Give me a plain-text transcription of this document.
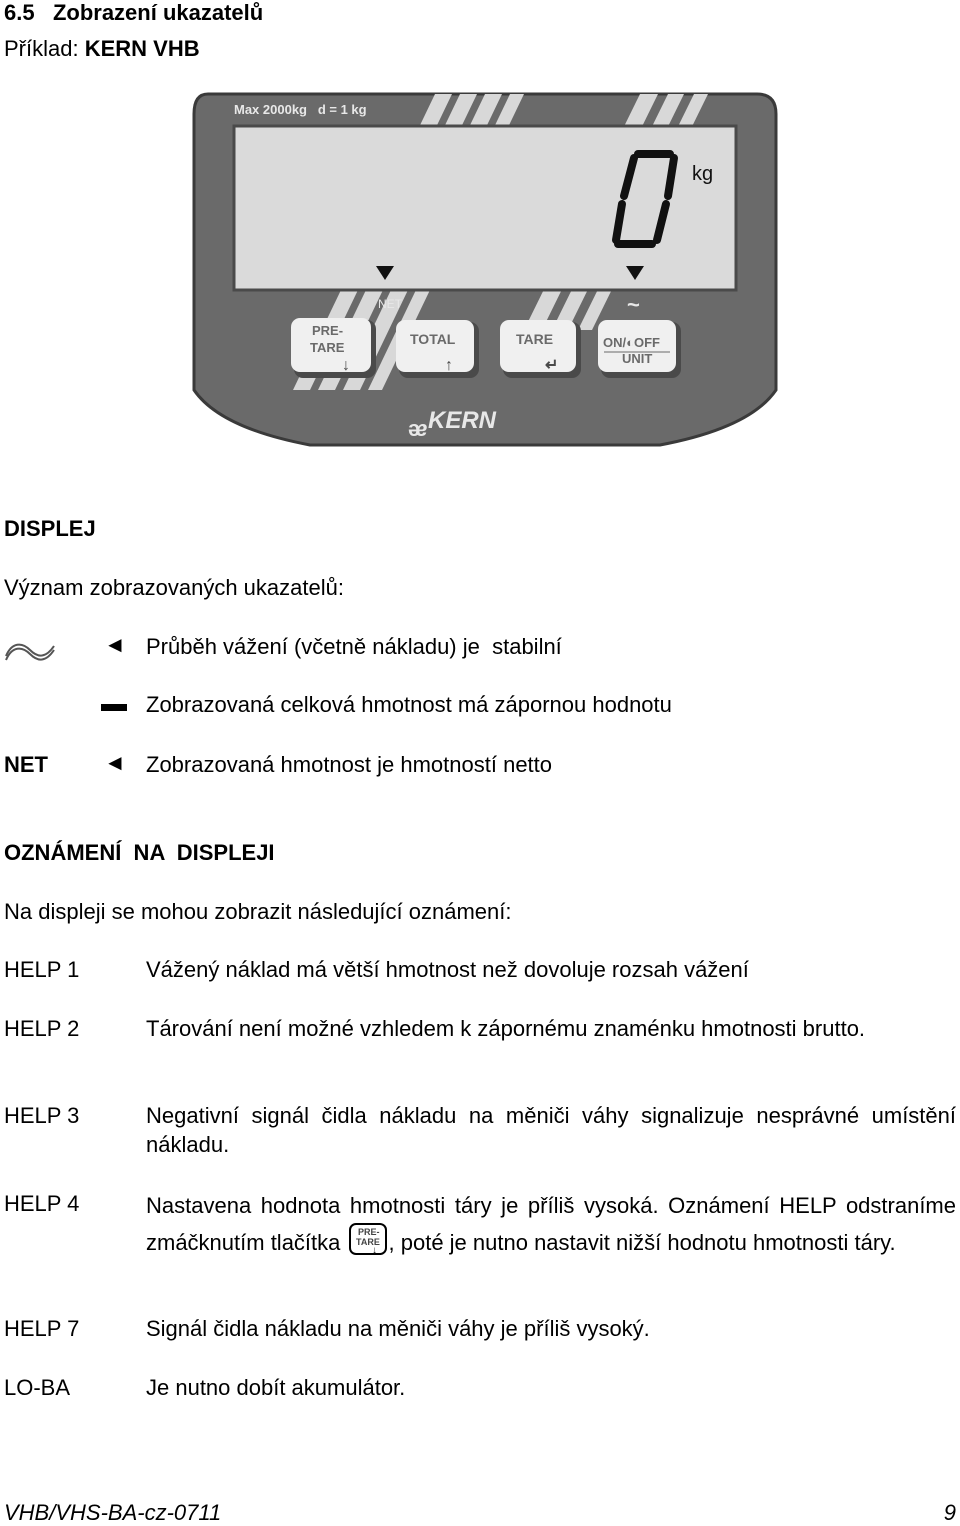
6.5 Zobrazení ukazatelů
Příklad: KERN VHB
Max 2000kg   d = 1 kg
kg
NET	~
PRE-
TARE
↓
TOTAL
↑
TARE
↵
ON/◐OFF
UNIT
ᴂ KERN
DISPLEJ
Význam zobrazovaných ukazatelů:
◄ Průběh vážení (včetně nákladu) je  stabilní
Zobrazovaná celková hmotnost má zápornou hodnotu
NET	◄ Zobrazovaná hmotnost je hmotností netto
OZNÁMENÍ  NA  DISPLEJI
Na displeji se mohou zobrazit následující oznámení:
HELP 1	Vážený náklad má větší hmotnost než dovoluje rozsah vážení
HELP 2	Tárování není možné vzhledem k zápornému znaménku hmotnosti brutto.
HELP 3	Negativní signál čidla nákladu na měniči váhy signalizuje nesprávné umístění nákladu.
HELP 4	Nastavena hodnota hmotnosti táry je příliš vysoká. Oznámení HELP odstraníme zmáčknutím tlačítka PRE-
TARE
↓ , poté je nutno nastavit nižší hodnotu hmotnosti táry.
HELP 7	Signál čidla nákladu na měniči váhy je příliš vysoký.
LO-BA	Je nutno dobít akumulátor.
VHB/VHS-BA-cz-0711	9
